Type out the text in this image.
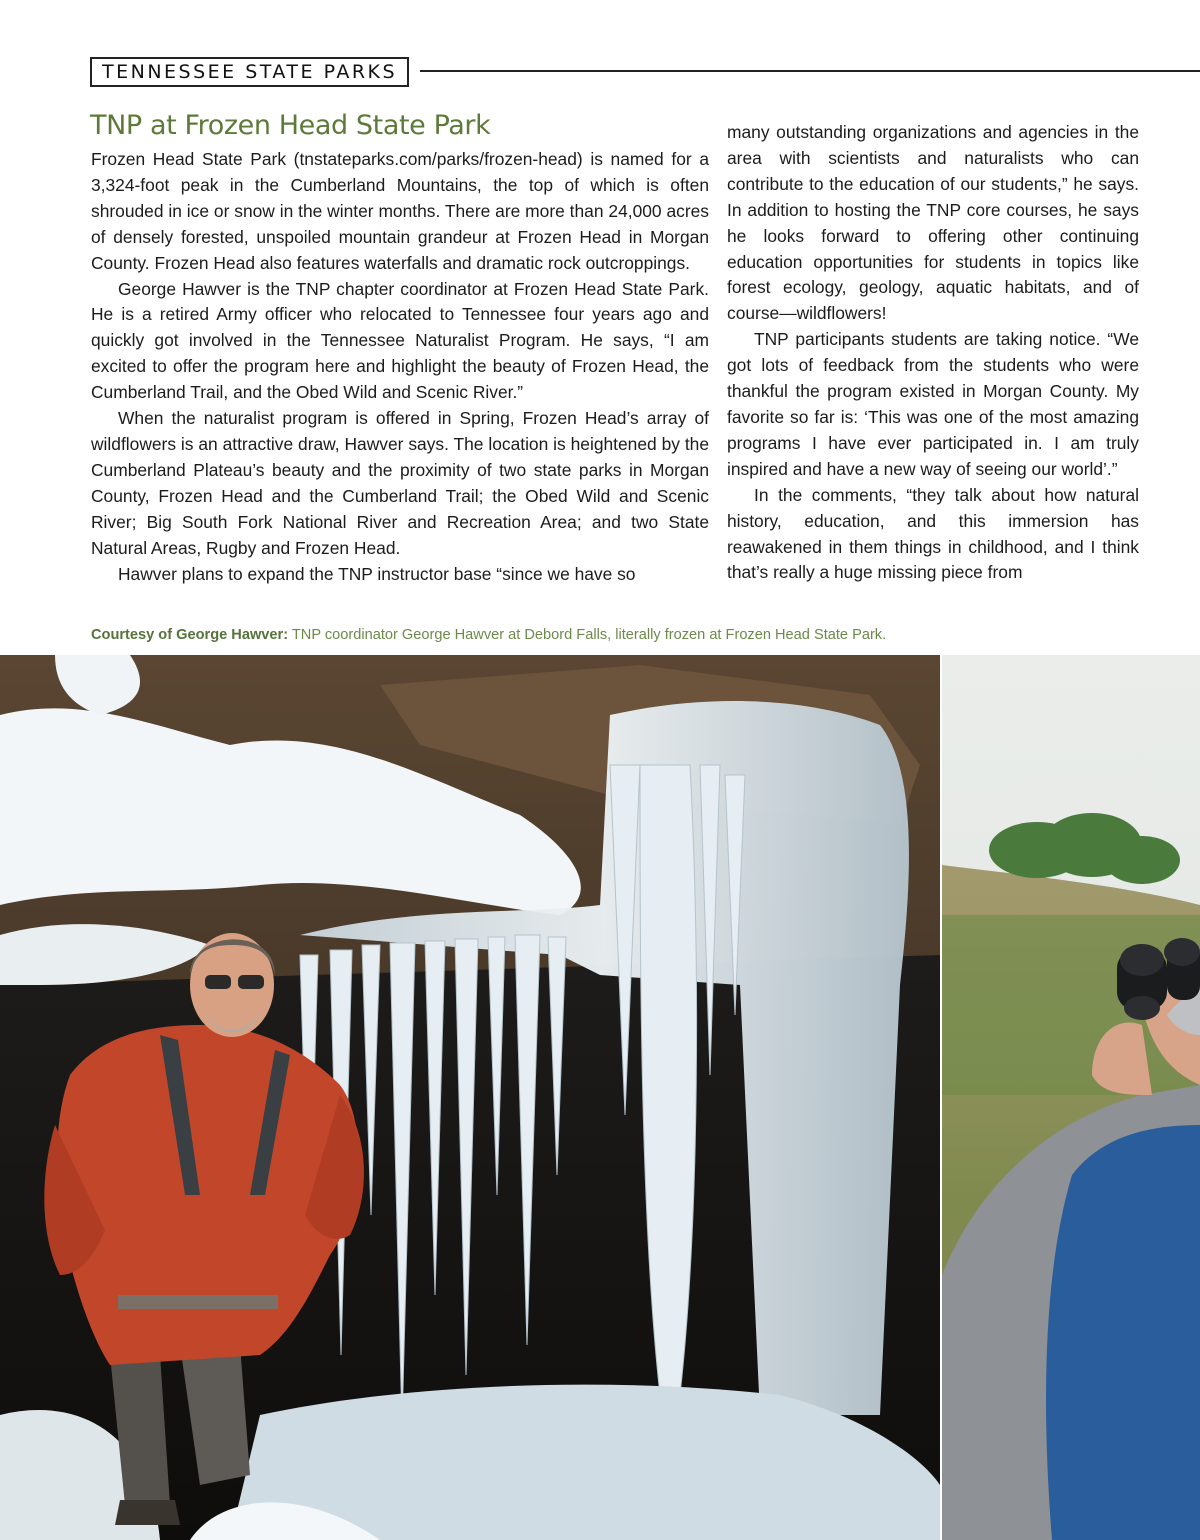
TENNESSEE STATE PARKS
TNP at Frozen Head State Park

Frozen Head State Park (tnstateparks.com/parks/frozen-head) is named for a 3,324-foot peak in the Cumberland Mountains, the top of which is often shrouded in ice or snow in the winter months. There are more than 24,000 acres of densely forested, unspoiled mountain grandeur at Frozen Head in Morgan County. Frozen Head also features waterfalls and dramatic rock outcroppings.

George Hawver is the TNP chapter coordinator at Frozen Head State Park. He is a retired Army officer who relocated to Tennessee four years ago and quickly got involved in the Tennessee Naturalist Program. He says, “I am excited to offer the program here and highlight the beauty of Frozen Head, the Cumberland Trail, and the Obed Wild and Scenic River.”

When the naturalist program is offered in Spring, Frozen Head’s array of wildflowers is an attractive draw, Hawver says. The location is heightened by the Cumberland Plateau’s beauty and the proximity of two state parks in Morgan County, Frozen Head and the Cumberland Trail; the Obed Wild and Scenic River; Big South Fork National River and Recreation Area; and two State Natural Areas, Rugby and Frozen Head.

Hawver plans to expand the TNP instructor base “since we have so

many outstanding organizations and agencies in the area with scientists and naturalists who can contribute to the education of our students,” he says. In addition to hosting the TNP core courses, he says he looks forward to offering other continuing education opportunities for students in topics like forest ecology, geology, aquatic habitats, and of course—wildflowers!

TNP participants students are taking notice. “We got lots of feedback from the students who were thankful the program existed in Morgan County. My favorite so far is: ‘This was one of the most amazing programs I have ever participated in. I am truly inspired and have a new way of seeing our world’.”

In the comments, “they talk about how natural history, education, and this immersion has reawakened in them things in childhood, and I think that’s really a huge missing piece from

Courtesy of George Hawver: TNP coordinator George Hawver at Debord Falls, literally frozen at Frozen Head State Park.
